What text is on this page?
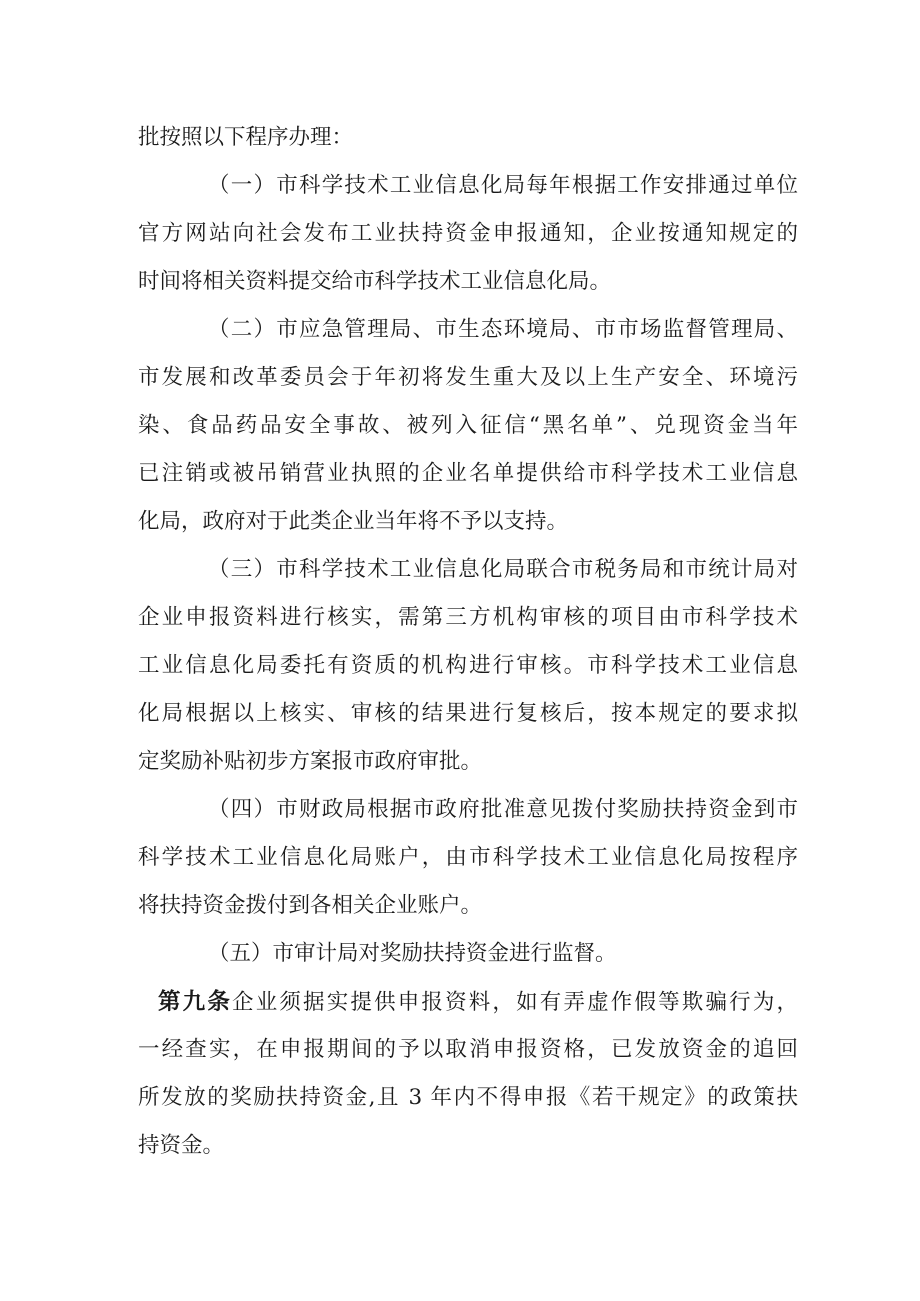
批按照以下程序办理：
（一）市科学技术工业信息化局每年根据工作安排通过单位
官方网站向社会发布工业扶持资金申报通知，企业按通知规定的
时间将相关资料提交给市科学技术工业信息化局。
（二）市应急管理局、市生态环境局、市市场监督管理局、
市发展和改革委员会于年初将发生重大及以上生产安全、环境污
染、食品药品安全事故、被列入征信“黑名单”、兑现资金当年
已注销或被吊销营业执照的企业名单提供给市科学技术工业信息
化局，政府对于此类企业当年将不予以支持。
（三）市科学技术工业信息化局联合市税务局和市统计局对
企业申报资料进行核实，需第三方机构审核的项目由市科学技术
工业信息化局委托有资质的机构进行审核。市科学技术工业信息
化局根据以上核实、审核的结果进行复核后，按本规定的要求拟
定奖励补贴初步方案报市政府审批。
（四）市财政局根据市政府批准意见拨付奖励扶持资金到市
科学技术工业信息化局账户，由市科学技术工业信息化局按程序
将扶持资金拨付到各相关企业账户。
（五）市审计局对奖励扶持资金进行监督。
第九条企业须据实提供申报资料，如有弄虚作假等欺骗行为，
一经查实，在申报期间的予以取消申报资格，已发放资金的追回
所发放的奖励扶持资金,且 3 年内不得申报《若干规定》的政策扶
持资金。
